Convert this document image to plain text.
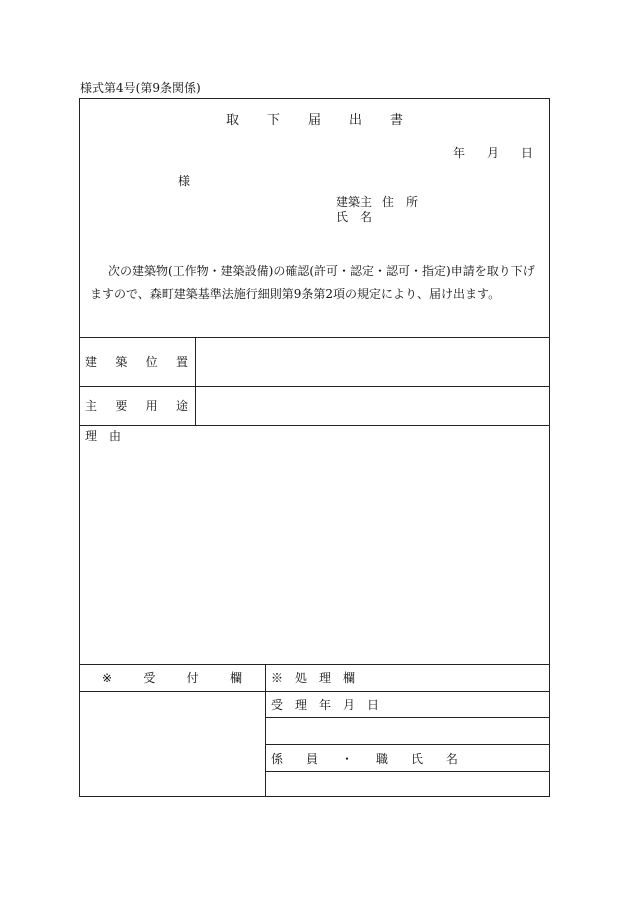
様式第4号(第9条関係)
取 下 届 出 書
年 月 日
様
建築主 住　所
氏　名
次の建築物(工作物・建築設備)の確認(許可・認定・認可・指定)申請を取り下げ
ますので、森町建築基準法施行細則第9条第2項の規定により、届け出ます。
建 築 位 置
主 要 用 途
理　由
※	受	付	欄 ※　処　理　欄
受　理　年　月　日
係 員 ・ 職 氏 名
